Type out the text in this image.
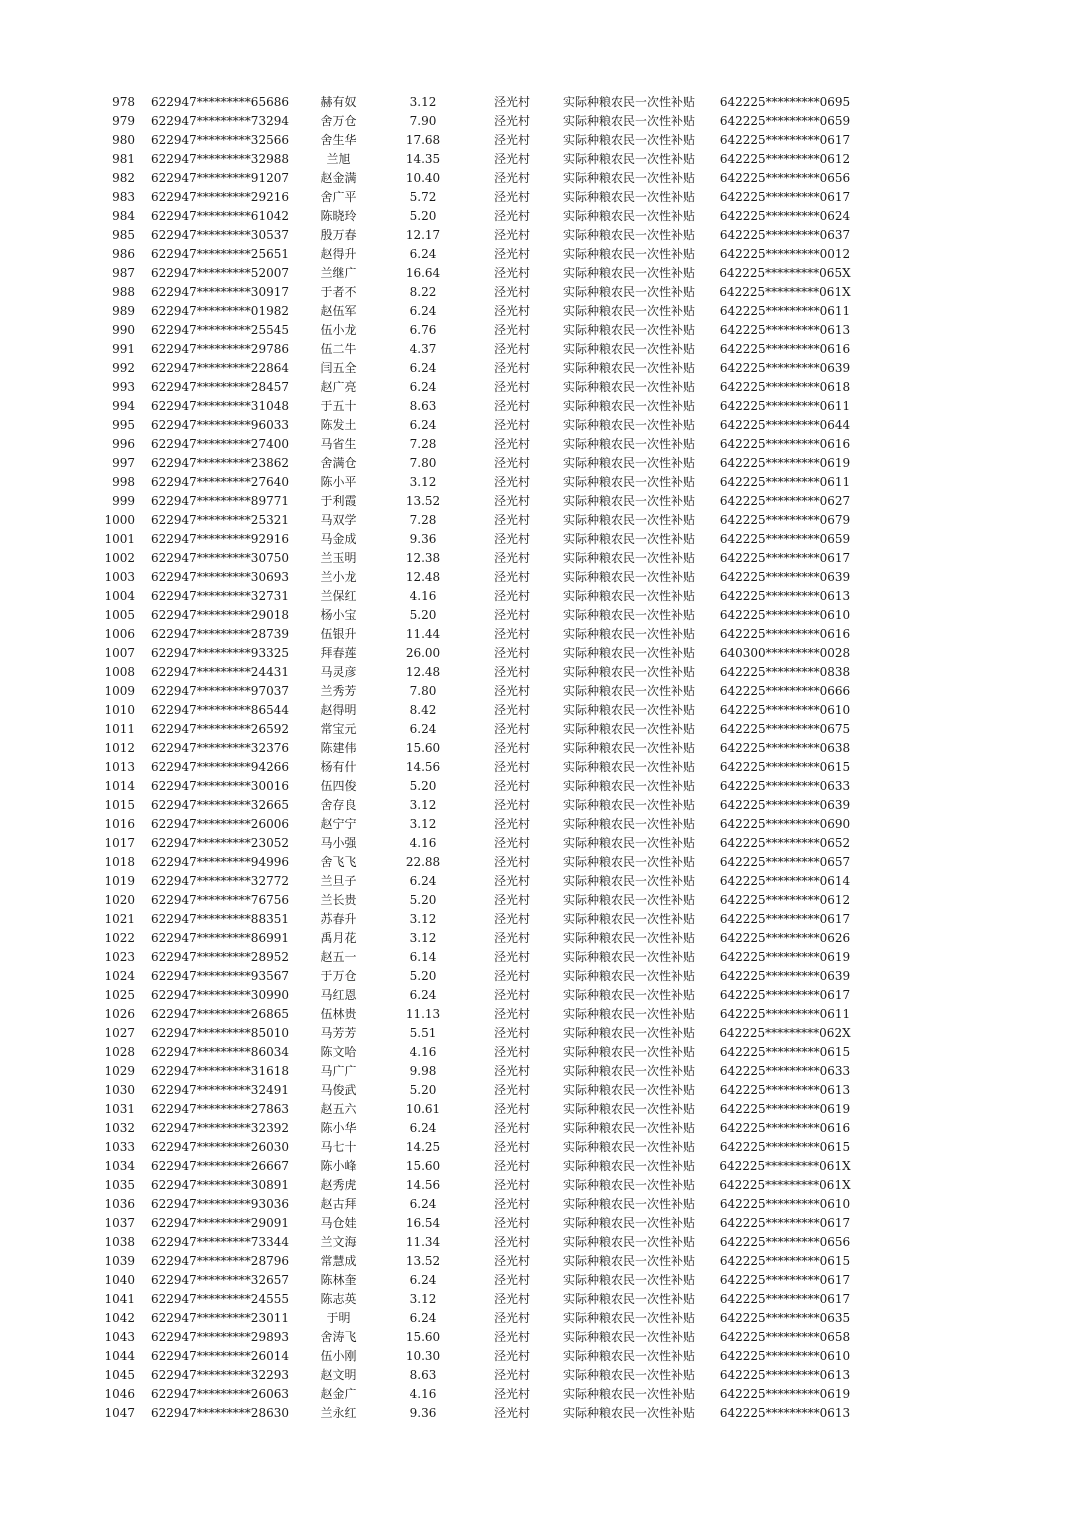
978	622947*********65686	赫有奴	3.12	泾光村	实际种粮农民一次性补贴	642225*********0695
979	622947*********73294	舍万仓	7.90	泾光村	实际种粮农民一次性补贴	642225*********0659
980	622947*********32566	舍生华	17.68	泾光村	实际种粮农民一次性补贴	642225*********0617
981	622947*********32988	兰旭	14.35	泾光村	实际种粮农民一次性补贴	642225*********0612
982	622947*********91207	赵金满	10.40	泾光村	实际种粮农民一次性补贴	642225*********0656
983	622947*********29216	舍广平	5.72	泾光村	实际种粮农民一次性补贴	642225*********0617
984	622947*********61042	陈晓玲	5.20	泾光村	实际种粮农民一次性补贴	642225*********0624
985	622947*********30537	殷万春	12.17	泾光村	实际种粮农民一次性补贴	642225*********0637
986	622947*********25651	赵得升	6.24	泾光村	实际种粮农民一次性补贴	642225*********0012
987	622947*********52007	兰继广	16.64	泾光村	实际种粮农民一次性补贴	642225*********065X
988	622947*********30917	于者不	8.22	泾光村	实际种粮农民一次性补贴	642225*********061X
989	622947*********01982	赵伍军	6.24	泾光村	实际种粮农民一次性补贴	642225*********0611
990	622947*********25545	伍小龙	6.76	泾光村	实际种粮农民一次性补贴	642225*********0613
991	622947*********29786	伍二牛	4.37	泾光村	实际种粮农民一次性补贴	642225*********0616
992	622947*********22864	闫五全	6.24	泾光村	实际种粮农民一次性补贴	642225*********0639
993	622947*********28457	赵广亮	6.24	泾光村	实际种粮农民一次性补贴	642225*********0618
994	622947*********31048	于五十	8.63	泾光村	实际种粮农民一次性补贴	642225*********0611
995	622947*********96033	陈发土	6.24	泾光村	实际种粮农民一次性补贴	642225*********0644
996	622947*********27400	马省生	7.28	泾光村	实际种粮农民一次性补贴	642225*********0616
997	622947*********23862	舍满仓	7.80	泾光村	实际种粮农民一次性补贴	642225*********0619
998	622947*********27640	陈小平	3.12	泾光村	实际种粮农民一次性补贴	642225*********0611
999	622947*********89771	于利霞	13.52	泾光村	实际种粮农民一次性补贴	642225*********0627
1000	622947*********25321	马双学	7.28	泾光村	实际种粮农民一次性补贴	642225*********0679
1001	622947*********92916	马金成	9.36	泾光村	实际种粮农民一次性补贴	642225*********0659
1002	622947*********30750	兰玉明	12.38	泾光村	实际种粮农民一次性补贴	642225*********0617
1003	622947*********30693	兰小龙	12.48	泾光村	实际种粮农民一次性补贴	642225*********0639
1004	622947*********32731	兰保红	4.16	泾光村	实际种粮农民一次性补贴	642225*********0613
1005	622947*********29018	杨小宝	5.20	泾光村	实际种粮农民一次性补贴	642225*********0610
1006	622947*********28739	伍银升	11.44	泾光村	实际种粮农民一次性补贴	642225*********0616
1007	622947*********93325	拜春莲	26.00	泾光村	实际种粮农民一次性补贴	640300*********0028
1008	622947*********24431	马灵彦	12.48	泾光村	实际种粮农民一次性补贴	642225*********0838
1009	622947*********97037	兰秀芳	7.80	泾光村	实际种粮农民一次性补贴	642225*********0666
1010	622947*********86544	赵得明	8.42	泾光村	实际种粮农民一次性补贴	642225*********0610
1011	622947*********26592	常宝元	6.24	泾光村	实际种粮农民一次性补贴	642225*********0675
1012	622947*********32376	陈建伟	15.60	泾光村	实际种粮农民一次性补贴	642225*********0638
1013	622947*********94266	杨有什	14.56	泾光村	实际种粮农民一次性补贴	642225*********0615
1014	622947*********30016	伍四俊	5.20	泾光村	实际种粮农民一次性补贴	642225*********0633
1015	622947*********32665	舍存良	3.12	泾光村	实际种粮农民一次性补贴	642225*********0639
1016	622947*********26006	赵宁宁	3.12	泾光村	实际种粮农民一次性补贴	642225*********0690
1017	622947*********23052	马小强	4.16	泾光村	实际种粮农民一次性补贴	642225*********0652
1018	622947*********94996	舍飞飞	22.88	泾光村	实际种粮农民一次性补贴	642225*********0657
1019	622947*********32772	兰旦子	6.24	泾光村	实际种粮农民一次性补贴	642225*********0614
1020	622947*********76756	兰长贵	5.20	泾光村	实际种粮农民一次性补贴	642225*********0612
1021	622947*********88351	苏春升	3.12	泾光村	实际种粮农民一次性补贴	642225*********0617
1022	622947*********86991	禹月花	3.12	泾光村	实际种粮农民一次性补贴	642225*********0626
1023	622947*********28952	赵五一	6.14	泾光村	实际种粮农民一次性补贴	642225*********0619
1024	622947*********93567	于万仓	5.20	泾光村	实际种粮农民一次性补贴	642225*********0639
1025	622947*********30990	马红恩	6.24	泾光村	实际种粮农民一次性补贴	642225*********0617
1026	622947*********26865	伍林贵	11.13	泾光村	实际种粮农民一次性补贴	642225*********0611
1027	622947*********85010	马芳芳	5.51	泾光村	实际种粮农民一次性补贴	642225*********062X
1028	622947*********86034	陈文哈	4.16	泾光村	实际种粮农民一次性补贴	642225*********0615
1029	622947*********31618	马广广	9.98	泾光村	实际种粮农民一次性补贴	642225*********0633
1030	622947*********32491	马俊武	5.20	泾光村	实际种粮农民一次性补贴	642225*********0613
1031	622947*********27863	赵五六	10.61	泾光村	实际种粮农民一次性补贴	642225*********0619
1032	622947*********32392	陈小华	6.24	泾光村	实际种粮农民一次性补贴	642225*********0616
1033	622947*********26030	马七十	14.25	泾光村	实际种粮农民一次性补贴	642225*********0615
1034	622947*********26667	陈小峰	15.60	泾光村	实际种粮农民一次性补贴	642225*********061X
1035	622947*********30891	赵秀虎	14.56	泾光村	实际种粮农民一次性补贴	642225*********061X
1036	622947*********93036	赵古拜	6.24	泾光村	实际种粮农民一次性补贴	642225*********0610
1037	622947*********29091	马仓娃	16.54	泾光村	实际种粮农民一次性补贴	642225*********0617
1038	622947*********73344	兰文海	11.34	泾光村	实际种粮农民一次性补贴	642225*********0656
1039	622947*********28796	常慧成	13.52	泾光村	实际种粮农民一次性补贴	642225*********0615
1040	622947*********32657	陈林奎	6.24	泾光村	实际种粮农民一次性补贴	642225*********0617
1041	622947*********24555	陈志英	3.12	泾光村	实际种粮农民一次性补贴	642225*********0617
1042	622947*********23011	于明	6.24	泾光村	实际种粮农民一次性补贴	642225*********0635
1043	622947*********29893	舍涛飞	15.60	泾光村	实际种粮农民一次性补贴	642225*********0658
1044	622947*********26014	伍小刚	10.30	泾光村	实际种粮农民一次性补贴	642225*********0610
1045	622947*********32293	赵文明	8.63	泾光村	实际种粮农民一次性补贴	642225*********0613
1046	622947*********26063	赵金广	4.16	泾光村	实际种粮农民一次性补贴	642225*********0619
1047	622947*********28630	兰永红	9.36	泾光村	实际种粮农民一次性补贴	642225*********0613
